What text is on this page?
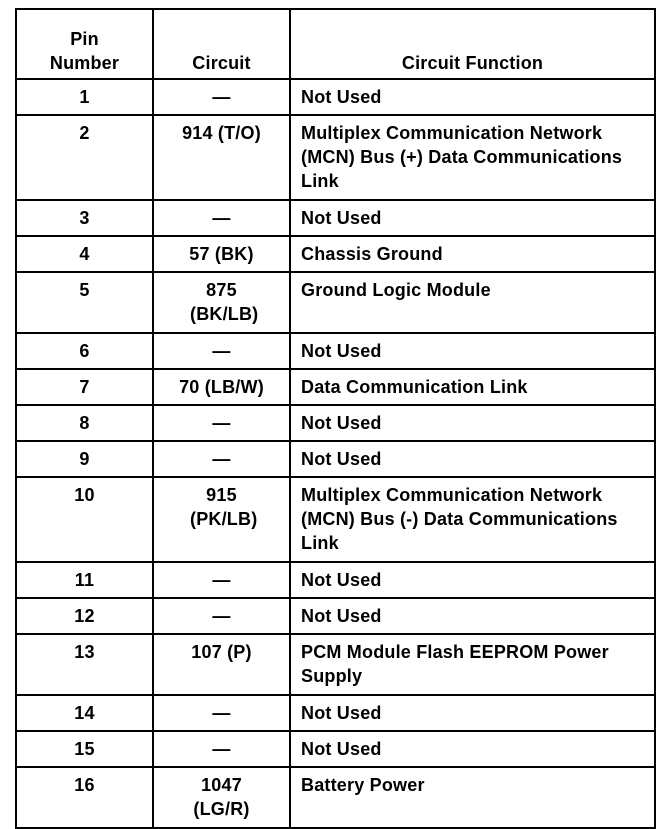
Pin Number	Circuit	Circuit Function
1	—	Not Used
2	914 (T/O)	Multiplex Communication Network (MCN) Bus (+) Data Communications Link
3	—	Not Used
4	57 (BK)	Chassis Ground
5	875 (BK/LB)	Ground Logic Module
6	—	Not Used
7	70 (LB/W)	Data Communication Link
8	—	Not Used
9	—	Not Used
10	915 (PK/LB)	Multiplex Communication Network (MCN) Bus (-) Data Communications Link
11	—	Not Used
12	—	Not Used
13	107 (P)	PCM Module Flash EEPROM Power Supply
14	—	Not Used
15	—	Not Used
16	1047 (LG/R)	Battery Power
